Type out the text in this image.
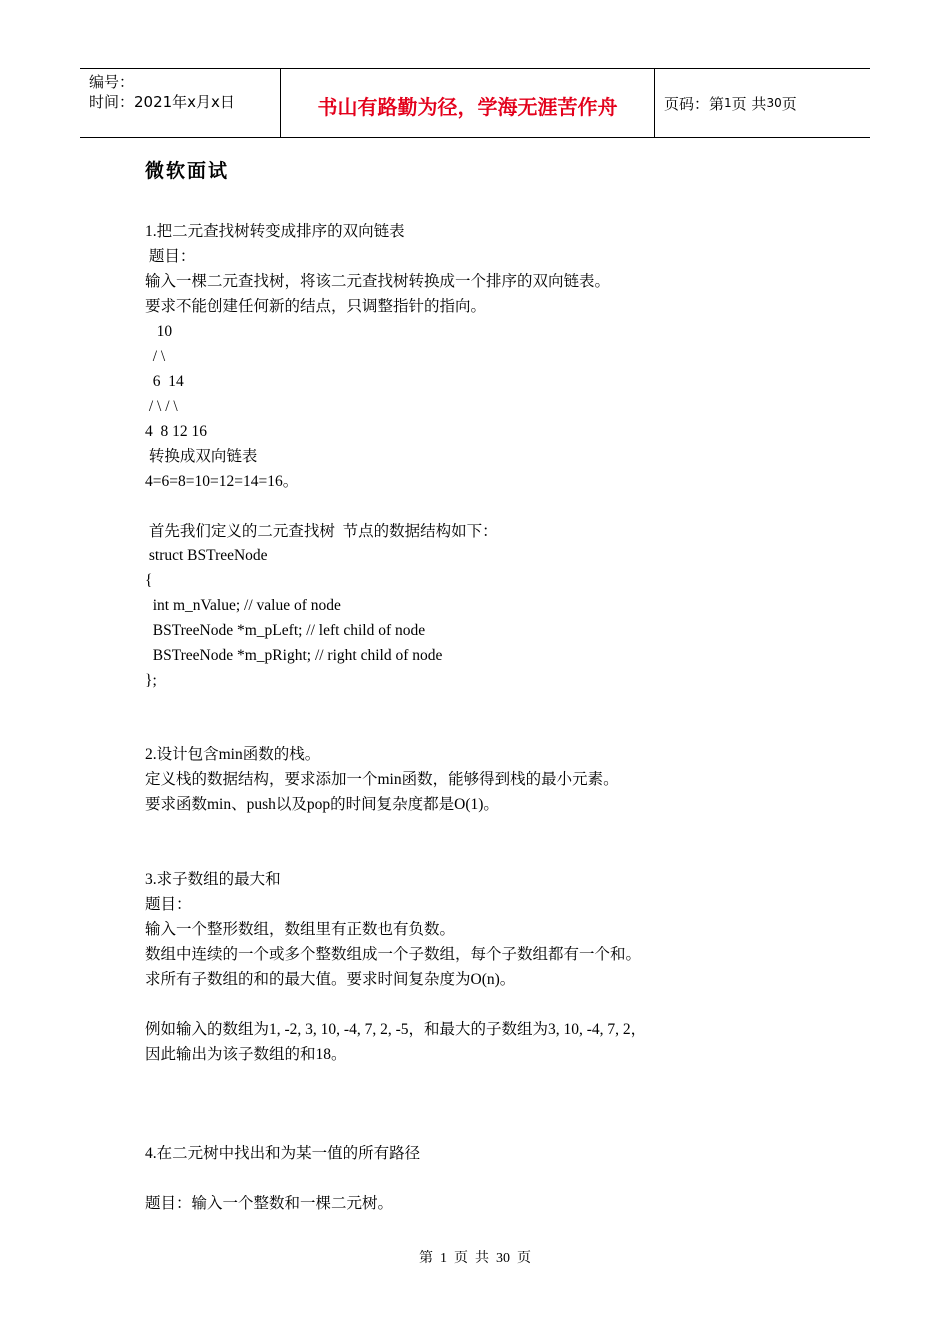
编号：
时间：2021年x月x日	书山有路勤为径，学海无涯苦作舟	页码：第 1 页 共 30 页
微软面试
1.把二元查找树转变成排序的双向链表
题目：
输入一棵二元查找树，将该二元查找树转换成一个排序的双向链表。
要求不能创建任何新的结点，只调整指针的指向。
10
/ \
6  14
/ \ / \
4  8 12 16
转换成双向链表
4=6=8=10=12=14=16。
首先我们定义的二元查找树  节点的数据结构如下：
struct BSTreeNode
{
int m_nValue; // value of node
BSTreeNode *m_pLeft; // left child of node
BSTreeNode *m_pRight; // right child of node
};
2.设计包含min函数的栈。
定义栈的数据结构，要求添加一个min函数，能够得到栈的最小元素。
要求函数min、push以及pop的时间复杂度都是O(1)。
3.求子数组的最大和
题目：
输入一个整形数组，数组里有正数也有负数。
数组中连续的一个或多个整数组成一个子数组，每个子数组都有一个和。
求所有子数组的和的最大值。要求时间复杂度为O(n)。
例如输入的数组为1, -2, 3, 10, -4, 7, 2, -5，和最大的子数组为3, 10, -4, 7, 2，
因此输出为该子数组的和18。
4.在二元树中找出和为某一值的所有路径
题目：输入一个整数和一棵二元树。
第  1  页  共  30  页
